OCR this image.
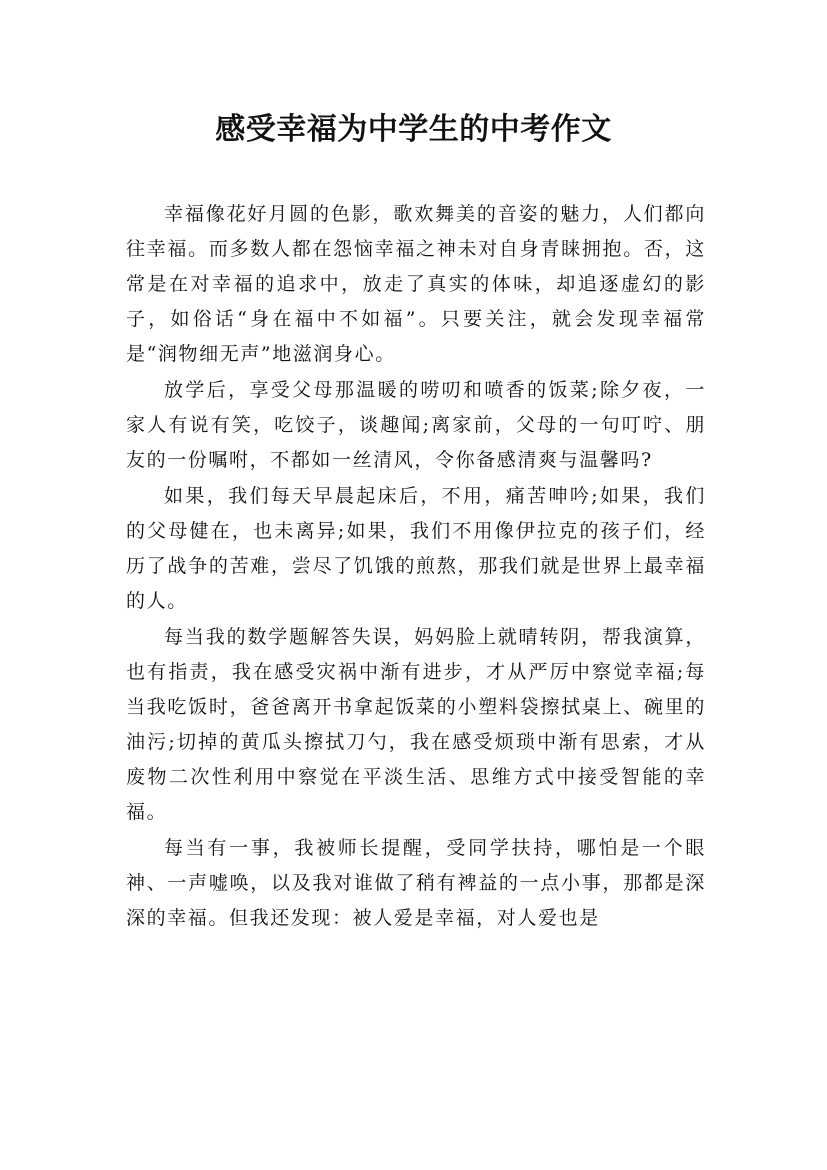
感受幸福为中学生的中考作文

幸福像花好月圆的色影，歌欢舞美的音姿的魅力，人们都向往幸福。而多数人都在怨恼幸福之神未对自身青睐拥抱。否，这常是在对幸福的追求中，放走了真实的体味，却追逐虚幻的影子，如俗话“身在福中不如福”。只要关注，就会发现幸福常是“润物细无声”地滋润身心。

放学后，享受父母那温暖的唠叨和喷香的饭菜;除夕夜，一家人有说有笑，吃饺子，谈趣闻;离家前，父母的一句叮咛、朋友的一份嘱咐，不都如一丝清风，令你备感清爽与温馨吗?

如果，我们每天早晨起床后，不用，痛苦呻吟;如果，我们的父母健在，也未离异;如果，我们不用像伊拉克的孩子们，经历了战争的苦难，尝尽了饥饿的煎熬，那我们就是世界上最幸福的人。

每当我的数学题解答失误，妈妈脸上就晴转阴，帮我演算，也有指责，我在感受灾祸中渐有进步，才从严厉中察觉幸福;每当我吃饭时，爸爸离开书拿起饭菜的小塑料袋擦拭桌上、碗里的油污;切掉的黄瓜头擦拭刀勺，我在感受烦琐中渐有思索，才从废物二次性利用中察觉在平淡生活、思维方式中接受智能的幸福。

每当有一事，我被师长提醒，受同学扶持，哪怕是一个眼神、一声嘘唤，以及我对谁做了稍有裨益的一点小事，那都是深深的幸福。但我还发现：被人爱是幸福，对人爱也是
